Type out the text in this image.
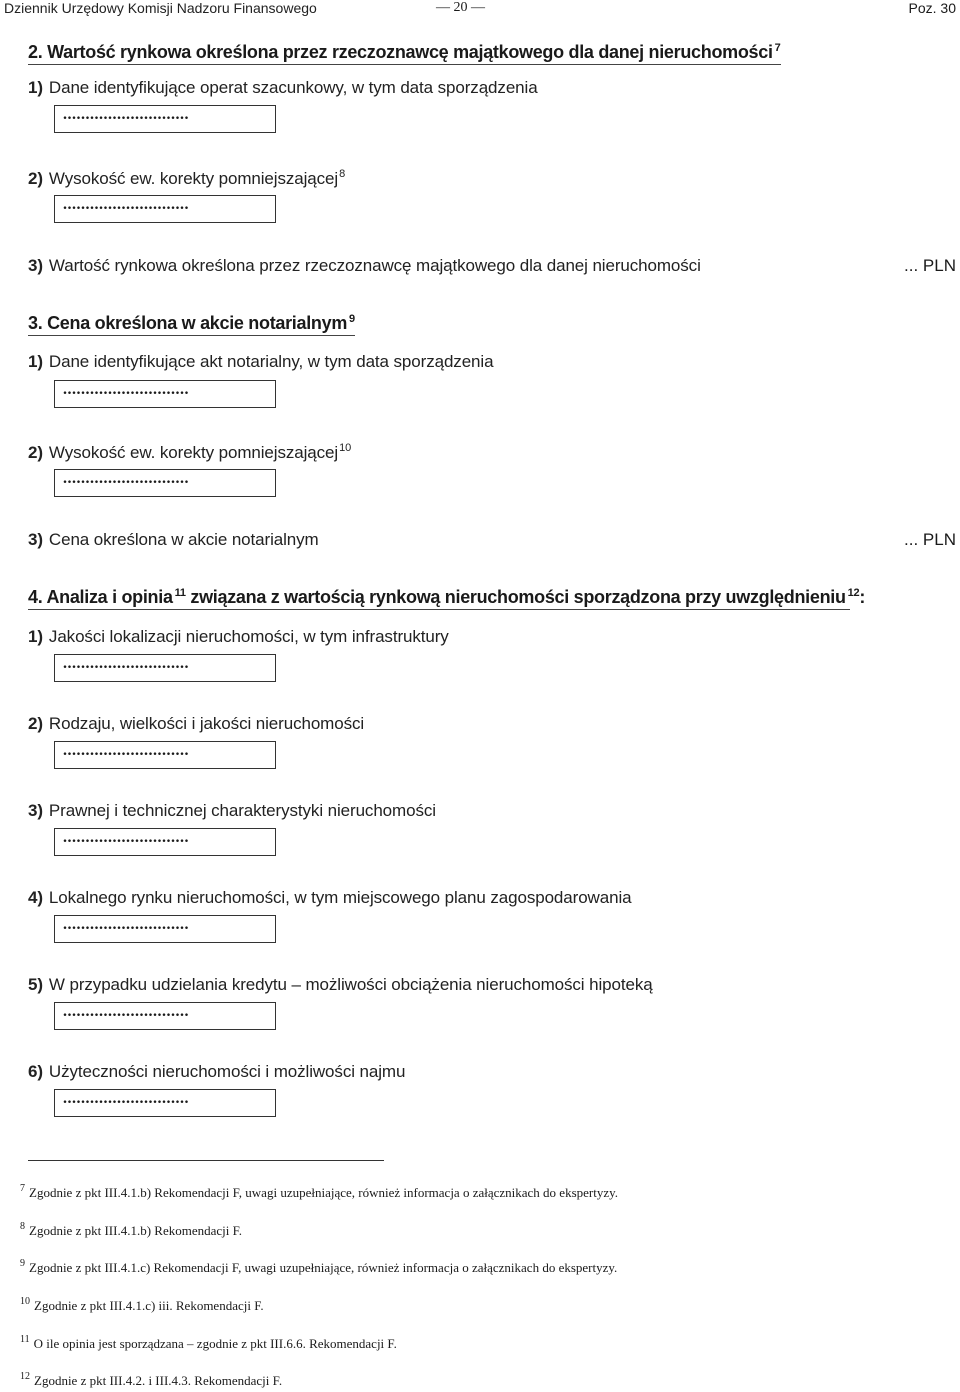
Dziennik Urzędowy Komisji Nadzoru Finansowego	— 20 —	Poz. 30
2. Wartość rynkowa określona przez rzeczoznawcę majątkowego dla danej nieruchomości $^7$
1) Dane identyfikujące operat szacunkowy, w tym data sporządzenia
............................
2) Wysokość ew. korekty pomniejszającej$^8$
............................
3) Wartość rynkowa określona przez rzeczoznawcę majątkowego dla danej nieruchomości	... PLN
3. Cena określona w akcie notarialnym $^9$
1) Dane identyfikujące akt notarialny, w tym data sporządzenia
............................
2) Wysokość ew. korekty pomniejszającej$^{10}$
............................
3) Cena określona w akcie notarialnym	... PLN
4. Analiza i opinia $^{11}$ związana z wartością rynkową nieruchomości sporządzona przy uwzględnieniu $^{12}$:
1) Jakości lokalizacji nieruchomości, w tym infrastruktury
............................
2) Rodzaju, wielkości i jakości nieruchomości
............................
3) Prawnej i technicznej charakterystyki nieruchomości
............................
4) Lokalnego rynku nieruchomości, w tym miejscowego planu zagospodarowania
............................
5) W przypadku udzielania kredytu – możliwości obciążenia nieruchomości hipoteką
............................
6) Użyteczności nieruchomości i możliwości najmu
............................
$^7$ Zgodnie z pkt III.4.1.b) Rekomendacji F, uwagi uzupełniające, również informacja o załącznikach do ekspertyzy.
$^8$ Zgodnie z pkt III.4.1.b) Rekomendacji F.
$^9$ Zgodnie z pkt III.4.1.c) Rekomendacji F, uwagi uzupełniające, również informacja o załącznikach do ekspertyzy.
$^{10}$ Zgodnie z pkt III.4.1.c) iii. Rekomendacji F.
$^{11}$ O ile opinia jest sporządzana – zgodnie z pkt III.6.6. Rekomendacji F.
$^{12}$ Zgodnie z pkt III.4.2. i III.4.3. Rekomendacji F.
